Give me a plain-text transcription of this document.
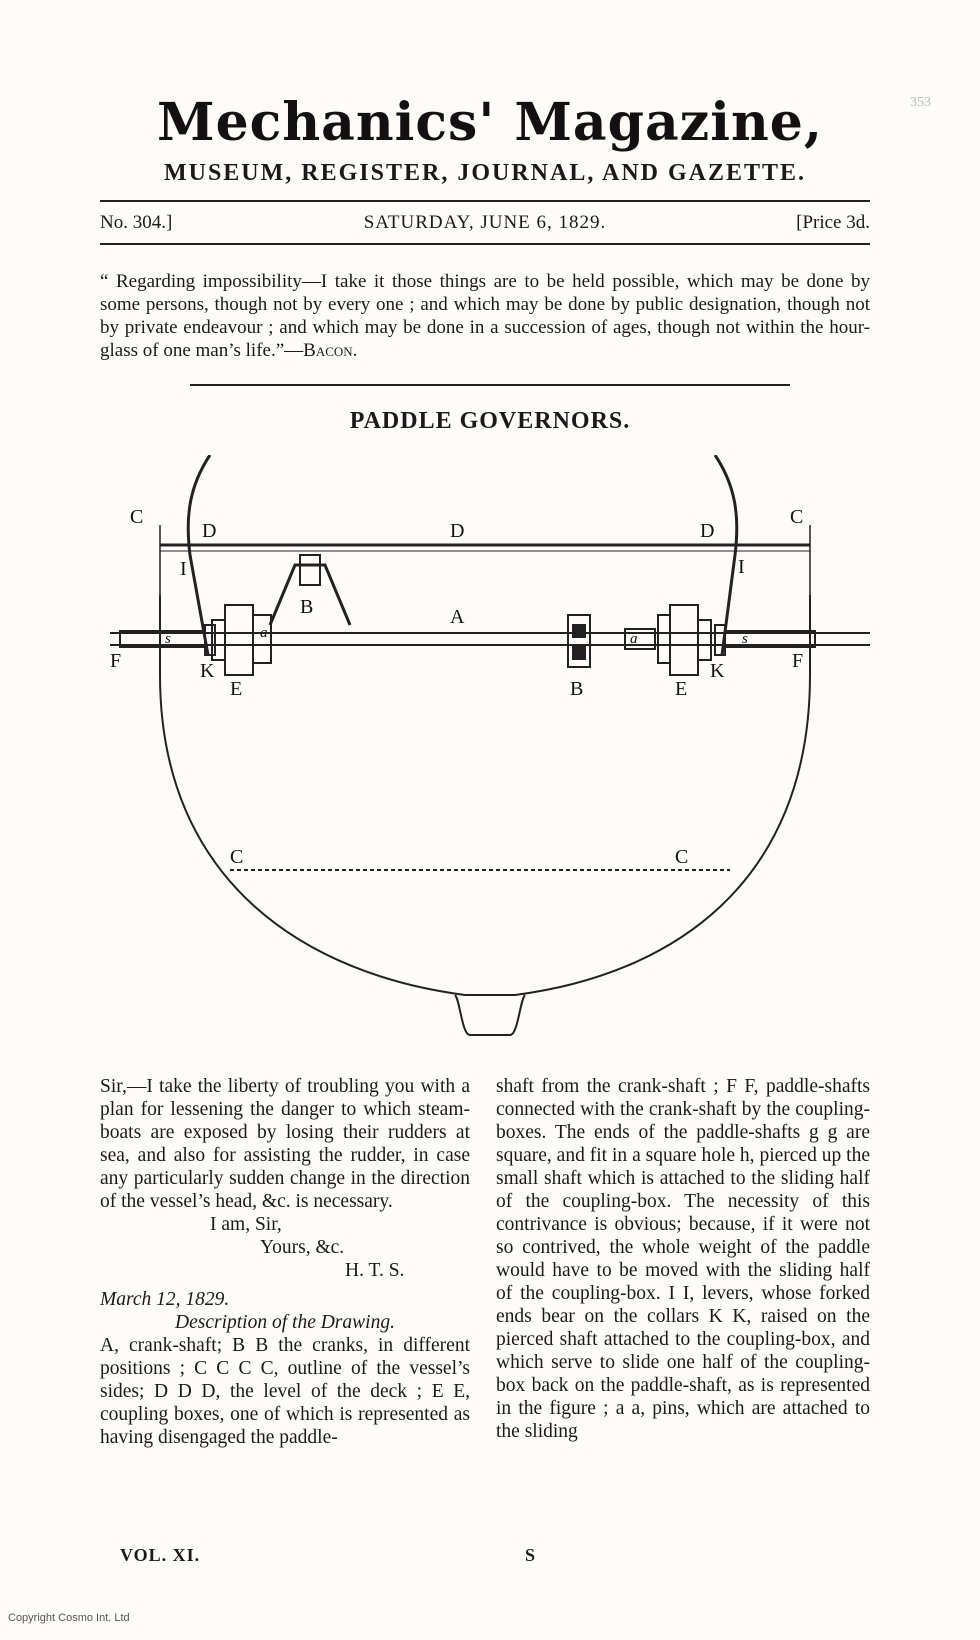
353
Mechanics' Magazine,
MUSEUM, REGISTER, JOURNAL, AND GAZETTE.
No. 304.]	SATURDAY, JUNE 6, 1829.	[Price 3d.
“ Regarding impossibility—I take it those things are to be held possible, which may be done by some persons, though not by every one ; and which may be done by public designation, though not by private endeavour ; and which may be done in a succession of ages, though not within the hour-glass of one man’s life.”—Bacon.
PADDLE GOVERNORS.
C
D	D	D
C
I	I
B	A
F	F
K	K
E	E
B
C	C
s	s
a	a

Sir,—I take the liberty of troubling you with a plan for lessening the danger to which steam-boats are exposed by losing their rudders at sea, and also for assisting the rudder, in case any particularly sudden change in the direction of the vessel’s head, &c. is necessary.

I am, Sir,

Yours, &c.

H. T. S.

March 12, 1829.

Description of the Drawing.

A, crank-shaft; B B the cranks, in different positions ; C C C C, outline of the vessel’s sides; D D D, the level of the deck ; E E, coupling boxes, one of which is represented as having disengaged the paddle-

shaft from the crank-shaft ; F F, paddle-shafts connected with the crank-shaft by the coupling-boxes. The ends of the paddle-shafts g g are square, and fit in a square hole h, pierced up the small shaft which is attached to the sliding half of the coupling-box. The necessity of this contrivance is obvious; because, if it were not so contrived, the whole weight of the paddle would have to be moved with the sliding half of the coupling-box. I I, levers, whose forked ends bear on the collars K K, raised on the pierced shaft attached to the coupling-box, and which serve to slide one half of the coupling-box back on the paddle-shaft, as is represented in the figure ; a a, pins, which are attached to the sliding

VOL. XI.	S
Copyright Cosmo Int. Ltd
